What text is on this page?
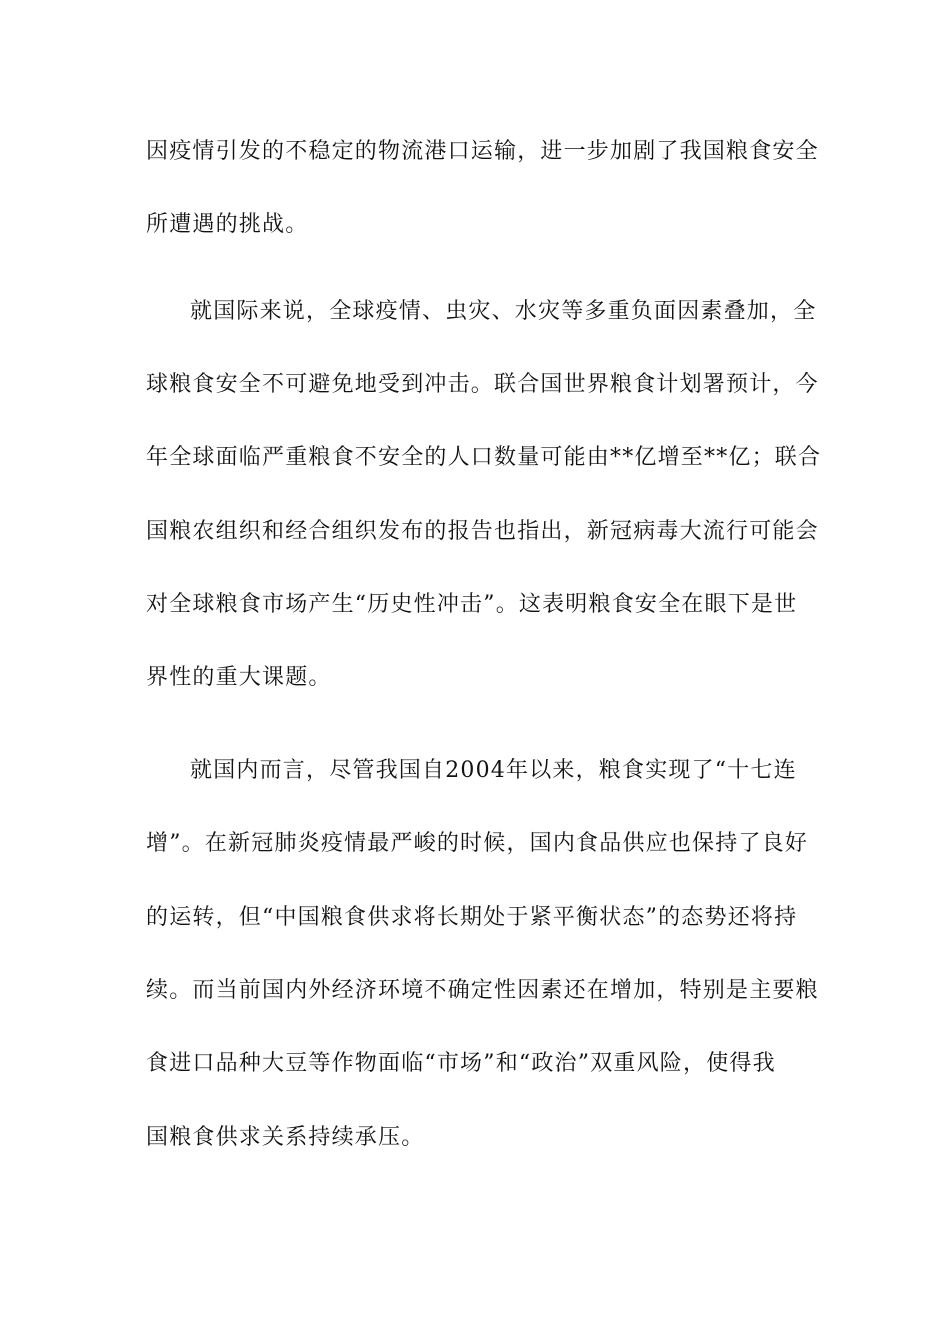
因疫情引发的不稳定的物流港口运输，进一步加剧了我国粮食安全

所遭遇的挑战。

就国际来说，全球疫情、虫灾、水灾等多重负面因素叠加，全

球粮食安全不可避免地受到冲击。联合国世界粮食计划署预计，今

年全球面临严重粮食不安全的人口数量可能由**亿增至**亿；联合

国粮农组织和经合组织发布的报告也指出，新冠病毒大流行可能会

对全球粮食市场产生“历史性冲击”。这表明粮食安全在眼下是世

界性的重大课题。

就国内而言，尽管我国自2004年以来，粮食实现了“十七连

增”。在新冠肺炎疫情最严峻的时候，国内食品供应也保持了良好

的运转，但“中国粮食供求将长期处于紧平衡状态”的态势还将持

续。而当前国内外经济环境不确定性因素还在增加，特别是主要粮

食进口品种大豆等作物面临“市场”和“政治”双重风险，使得我

国粮食供求关系持续承压。
